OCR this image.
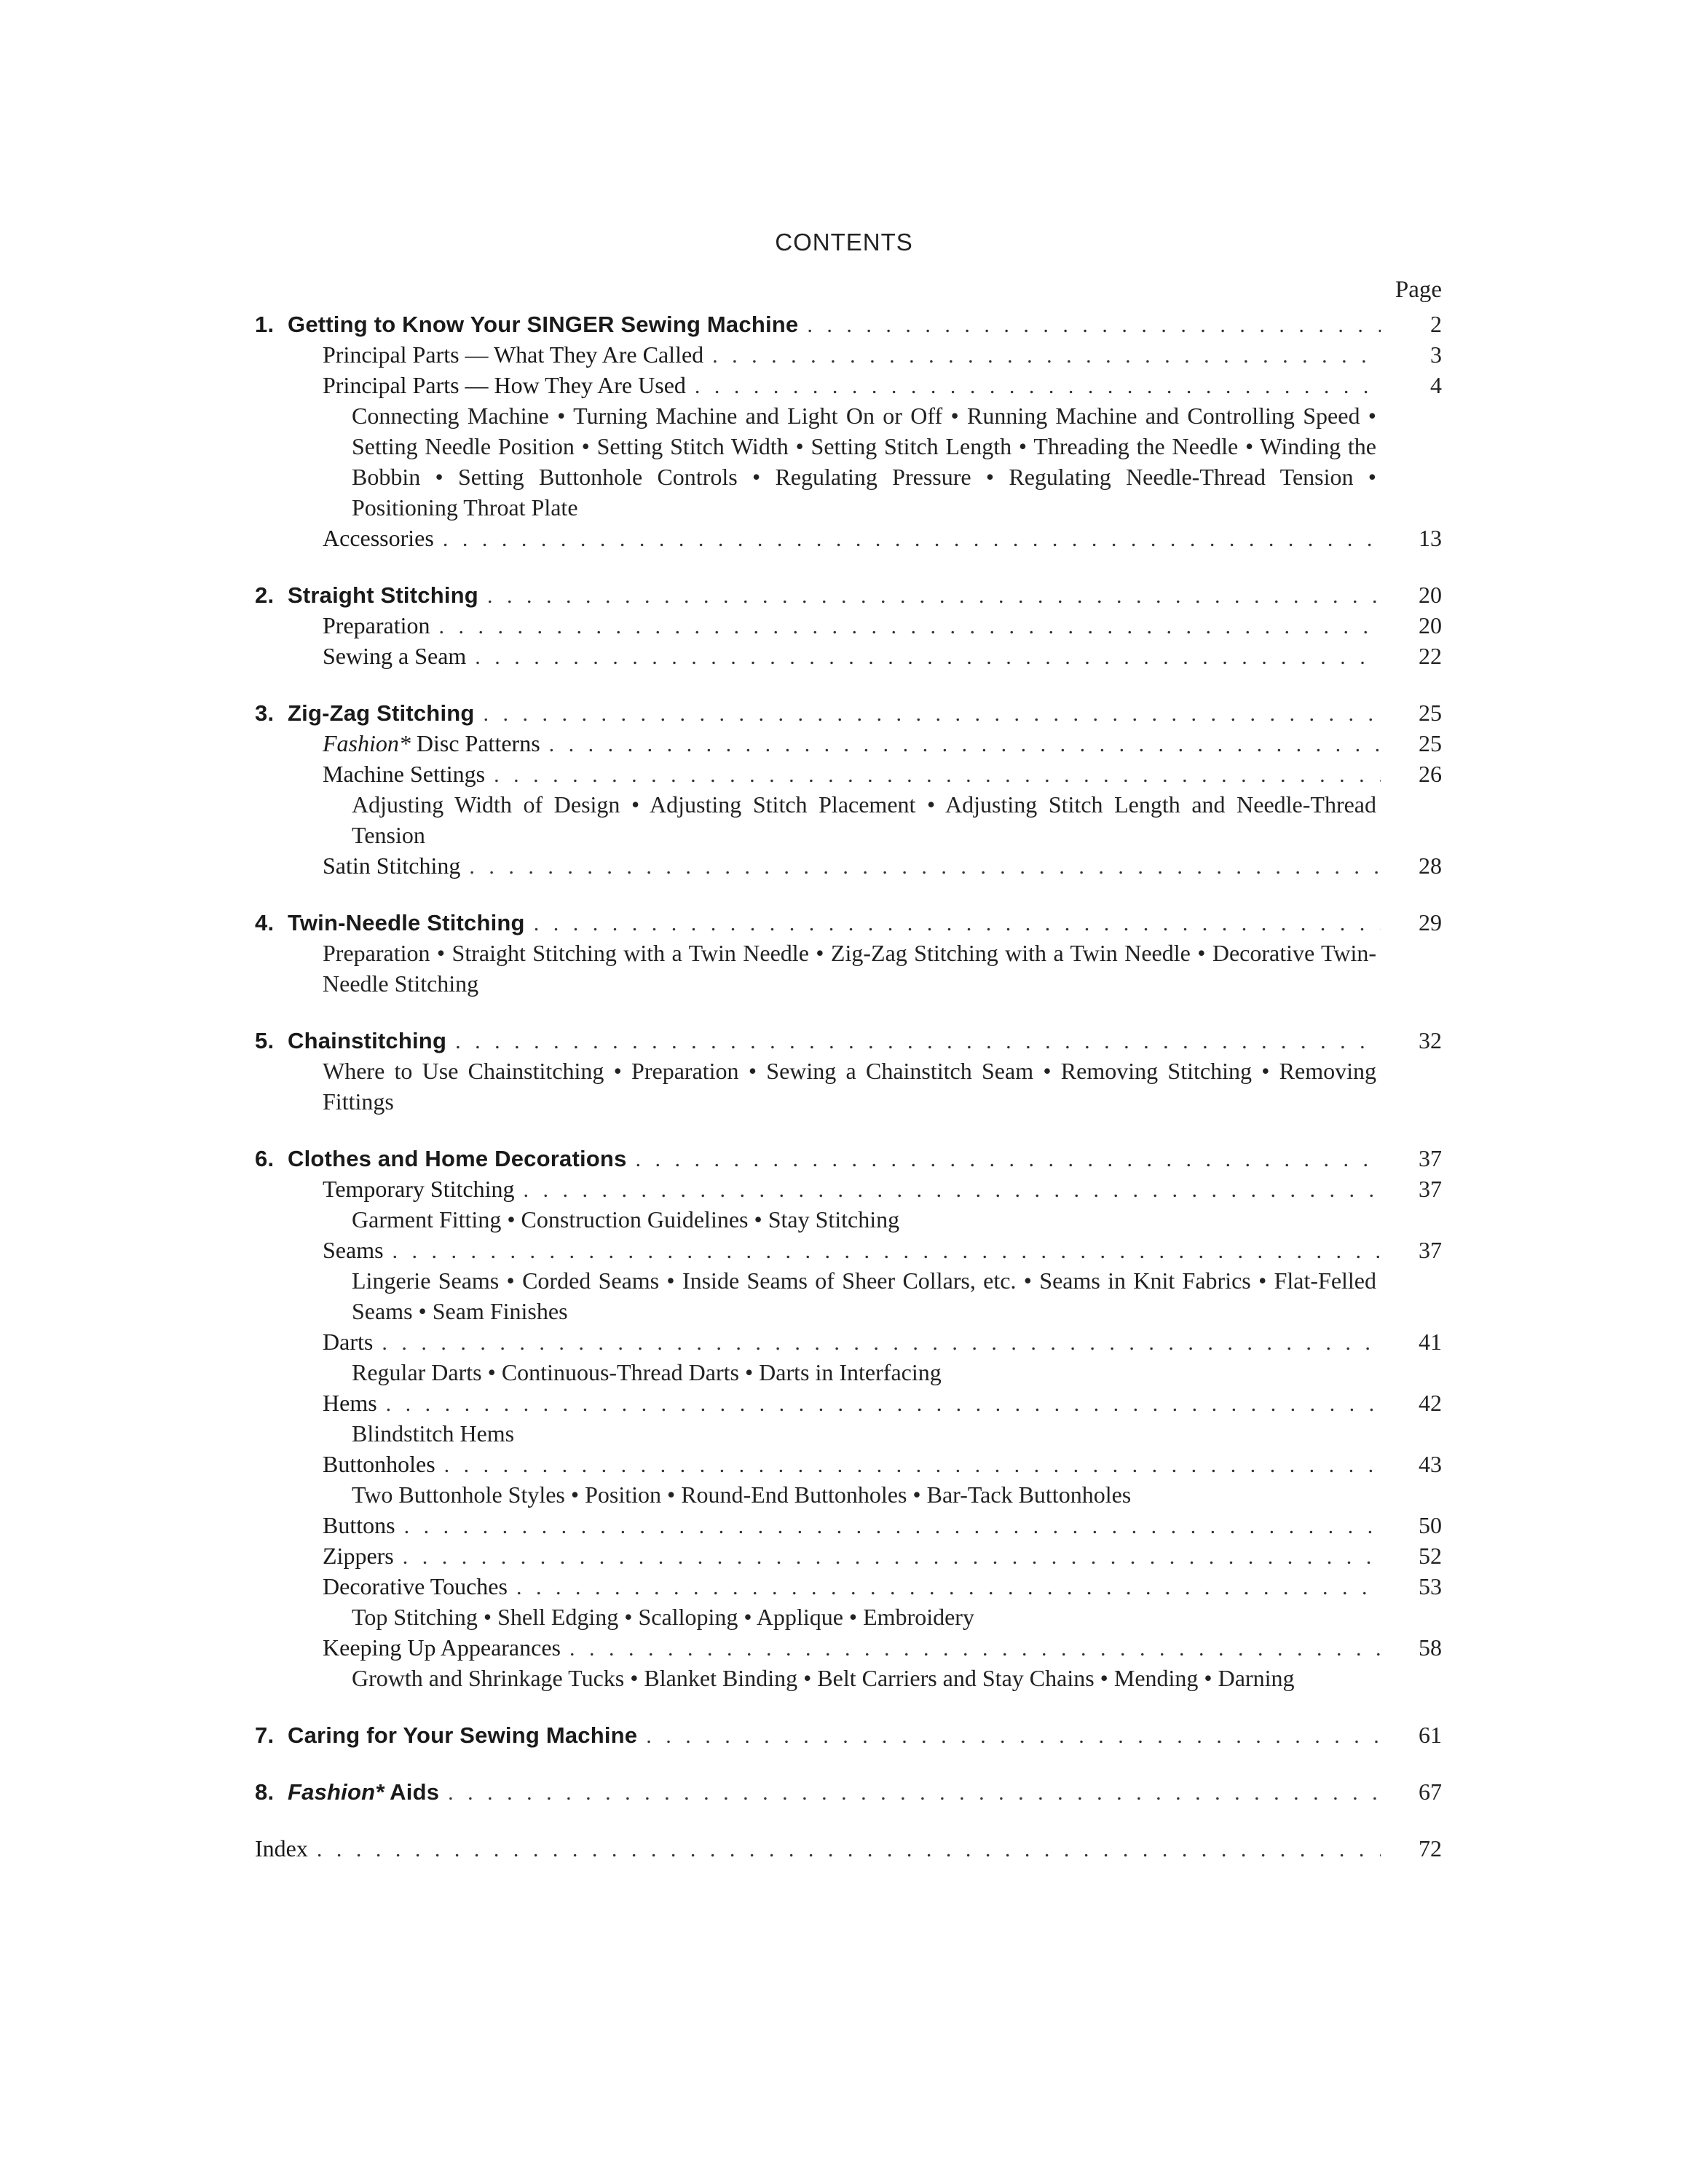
CONTENTS
Page
1. Getting to Know Your SINGER Sewing Machine . . .	2
Principal Parts — What They Are Called . . .	3
Principal Parts — How They Are Used . . .	4
Connecting Machine • Turning Machine and Light On or Off • Running Machine and Controlling Speed • Setting Needle Position • Setting Stitch Width • Setting Stitch Length • Threading the Needle • Winding the Bobbin • Setting Buttonhole Controls • Regulating Pressure • Regulating Needle-Thread Tension • Positioning Throat Plate
Accessories . . .	13
2. Straight Stitching . . .	20
Preparation . . .	20
Sewing a Seam . . .	22
3. Zig-Zag Stitching . . .	25
Fashion* Disc Patterns . . .	25
Machine Settings . . .	26
Adjusting Width of Design • Adjusting Stitch Placement • Adjusting Stitch Length and Needle-Thread Tension
Satin Stitching . . .	28
4. Twin-Needle Stitching . . .	29
Preparation • Straight Stitching with a Twin Needle • Zig-Zag Stitching with a Twin Needle • Decorative Twin-Needle Stitching
5. Chainstitching . . .	32
Where to Use Chainstitching • Preparation • Sewing a Chainstitch Seam • Removing Stitching • Removing Fittings
6. Clothes and Home Decorations . . .	37
Temporary Stitching . . .	37
Garment Fitting • Construction Guidelines • Stay Stitching
Seams . . .	37
Lingerie Seams • Corded Seams • Inside Seams of Sheer Collars, etc. • Seams in Knit Fabrics • Flat-Felled Seams • Seam Finishes
Darts . . .	41
Regular Darts • Continuous-Thread Darts • Darts in Interfacing
Hems . . .	42
Blindstitch Hems
Buttonholes . . .	43
Two Buttonhole Styles • Position • Round-End Buttonholes • Bar-Tack Buttonholes
Buttons . . .	50
Zippers . . .	52
Decorative Touches . . .	53
Top Stitching • Shell Edging • Scalloping • Applique • Embroidery
Keeping Up Appearances . . .	58
Growth and Shrinkage Tucks • Blanket Binding • Belt Carriers and Stay Chains • Mending • Darning
7. Caring for Your Sewing Machine . . .	61
8. Fashion* Aids . . .	67
Index . . .	72
